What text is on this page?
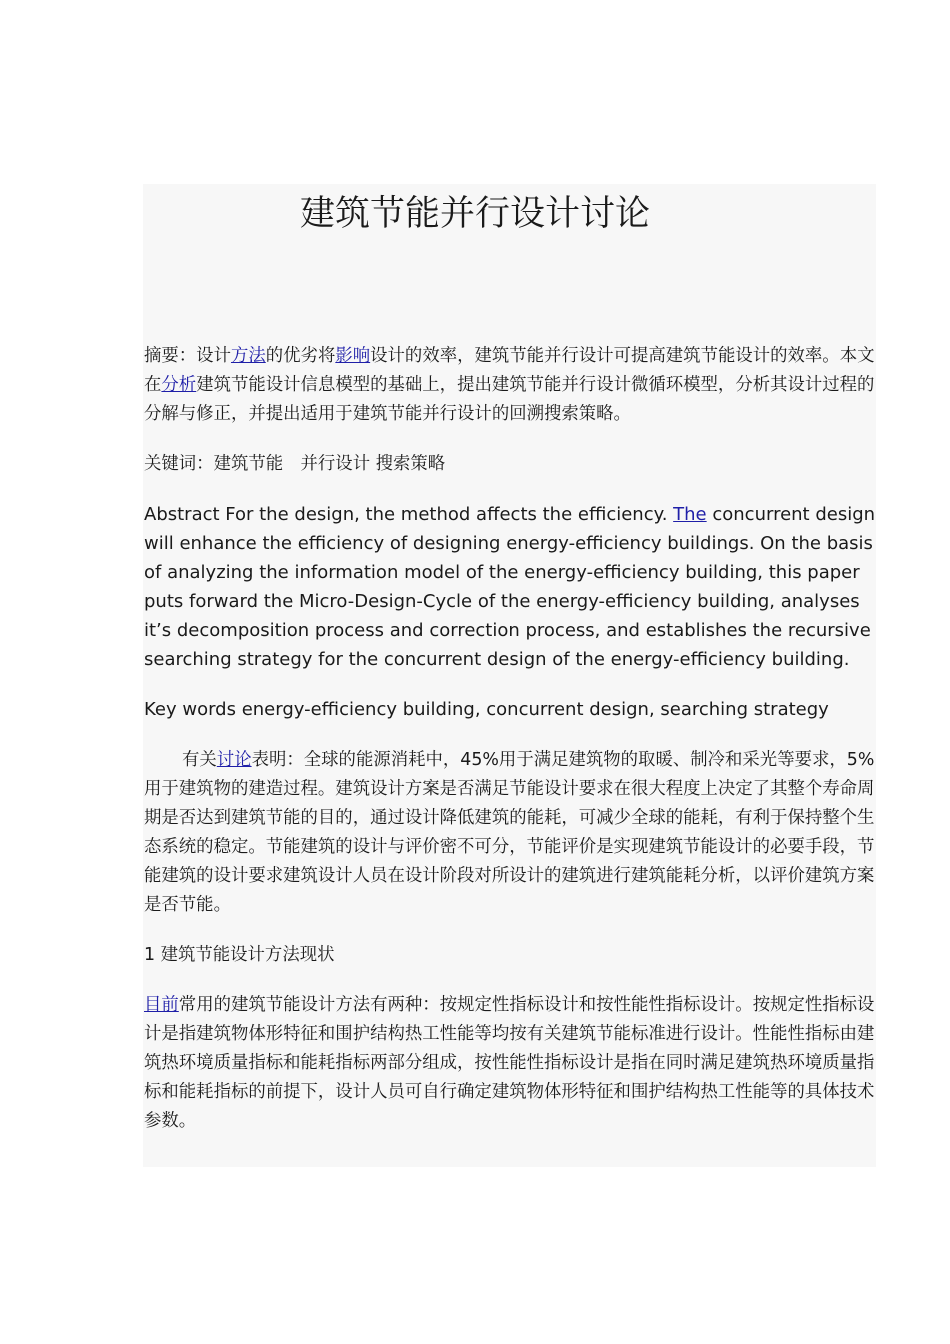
建筑节能并行设计讨论

摘要：设计方法的优劣将影响设计的效率，建筑节能并行设计可提高建筑节能设计的效率。本文在分析建筑节能设计信息模型的基础上，提出建筑节能并行设计微循环模型，分析其设计过程的分解与修正，并提出适用于建筑节能并行设计的回溯搜索策略。

关键词：建筑节能　并行设计 搜索策略

Abstract For the design, the method affects the efficiency. The concurrent design will enhance the efficiency of designing energy-efficiency buildings. On the basis of analyzing the information model of the energy-efficiency building, this paper puts forward the Micro-Design-Cycle of the energy-efficiency building, analyses it’s decomposition process and correction process, and establishes the recursive searching strategy for the concurrent design of the energy-efficiency building.

Key words energy-efficiency building, concurrent design, searching strategy

有关讨论表明：全球的能源消耗中，45%用于满足建筑物的取暖、制冷和采光等要求，5%用于建筑物的建造过程。建筑设计方案是否满足节能设计要求在很大程度上决定了其整个寿命周期是否达到建筑节能的目的，通过设计降低建筑的能耗，可减少全球的能耗，有利于保持整个生态系统的稳定。节能建筑的设计与评价密不可分，节能评价是实现建筑节能设计的必要手段，节能建筑的设计要求建筑设计人员在设计阶段对所设计的建筑进行建筑能耗分析，以评价建筑方案是否节能。

1 建筑节能设计方法现状

目前常用的建筑节能设计方法有两种：按规定性指标设计和按性能性指标设计。按规定性指标设计是指建筑物体形特征和围护结构热工性能等均按有关建筑节能标准进行设计。性能性指标由建筑热环境质量指标和能耗指标两部分组成，按性能性指标设计是指在同时满足建筑热环境质量指标和能耗指标的前提下，设计人员可自行确定建筑物体形特征和围护结构热工性能等的具体技术参数。
